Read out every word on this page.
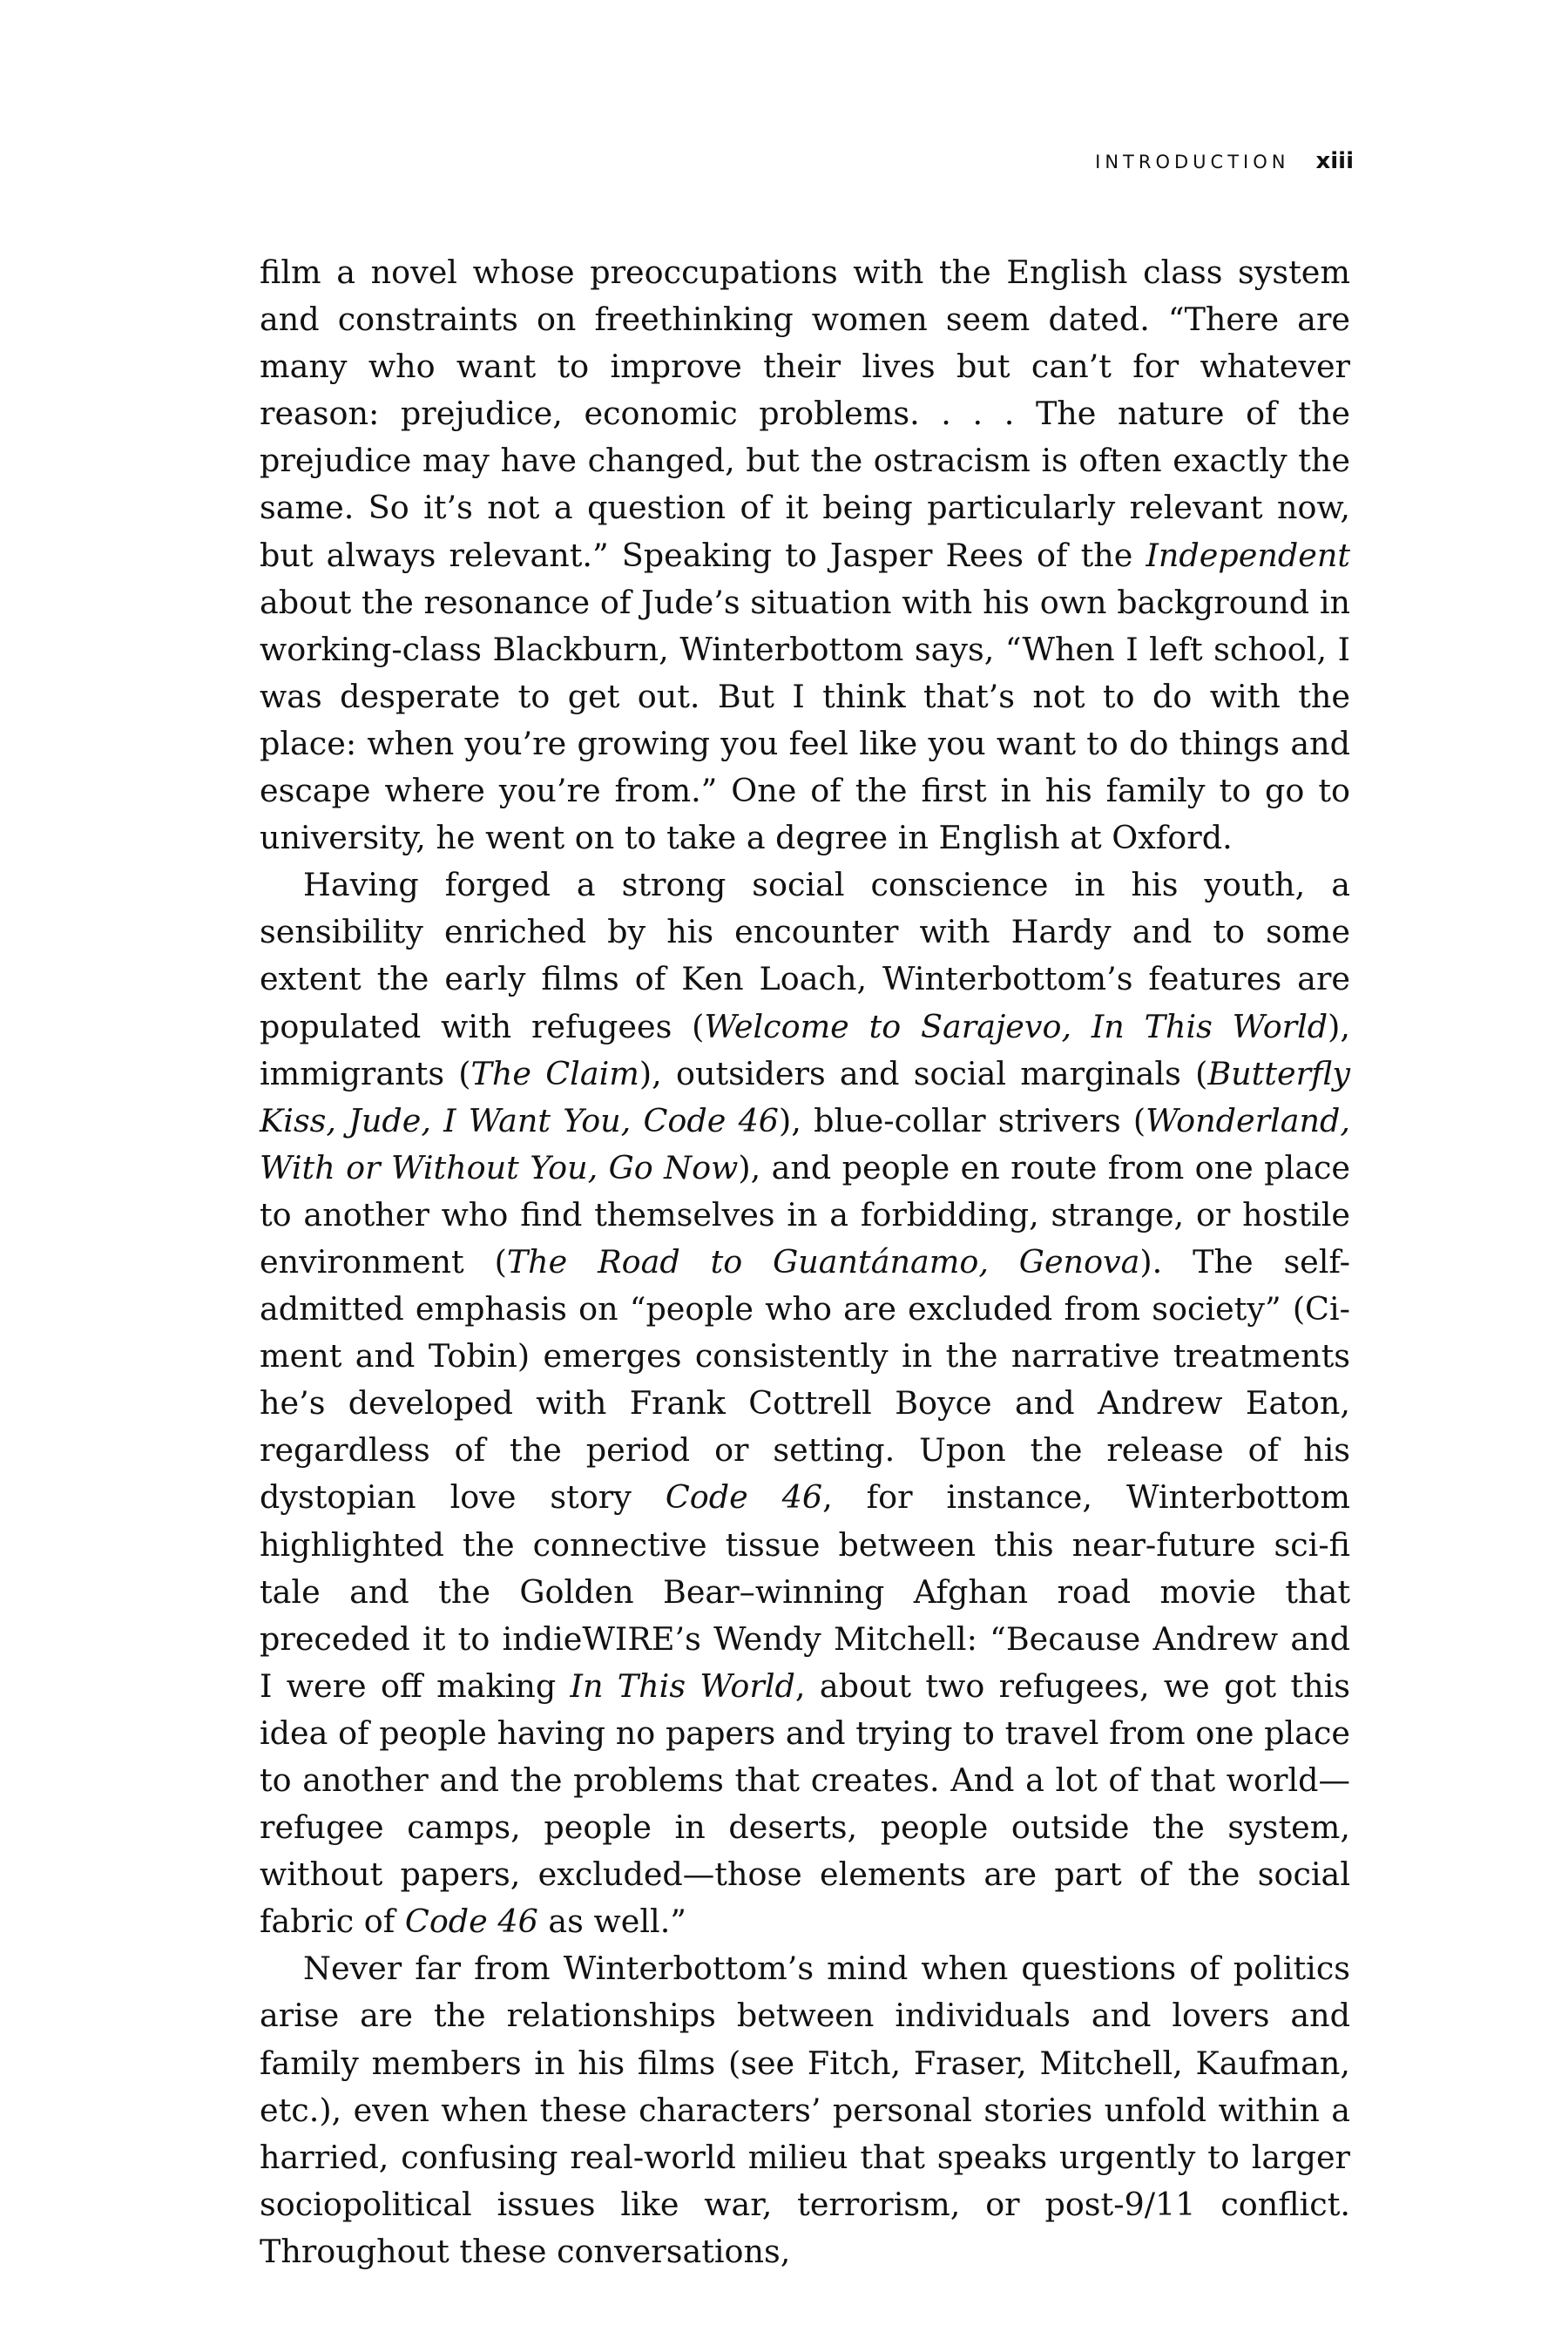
INTRODUCTION xiii

film a novel whose preoccupations with the English class system and constraints on freethinking women seem dated. “There are many who want to improve their lives but can’t for whatever reason: prejudice, economic problems. . . . The nature of the prejudice may have changed, but the ostracism is often exactly the same. So it’s not a question of it being particularly relevant now, but always relevant.” Speaking to Jasper Rees of the Independent about the resonance of Jude’s situation with his own background in working-class Blackburn, Winterbottom says, “When I left school, I was desperate to get out. But I think that’s not to do with the place: when you’re growing you feel like you want to do things and escape where you’re from.” One of the first in his family to go to university, he went on to take a degree in English at Oxford.

Having forged a strong social conscience in his youth, a sensibility enriched by his encounter with Hardy and to some extent the early films of Ken Loach, Winterbottom’s features are populated with refugees (Welcome to Sarajevo, In This World), immigrants (The Claim), outsiders and social marginals (Butterfly Kiss, Jude, I Want You, Code 46), blue-collar strivers (Wonderland, With or Without You, Go Now), and people en route from one place to another who find themselves in a forbidding, strange, or hostile environment (The Road to Guantánamo, Genova). The self-admitted emphasis on “people who are excluded from society” (Ciment and Tobin) emerges consistently in the narrative treatments he’s developed with Frank Cottrell Boyce and Andrew Eaton, regardless of the period or setting. Upon the release of his dystopian love story Code 46, for instance, Winterbottom highlighted the connective tissue between this near-future sci-fi tale and the Golden Bear–winning Afghan road movie that preceded it to indieWIRE’s Wendy Mitchell: “Because Andrew and I were off making In This World, about two refugees, we got this idea of people having no papers and trying to travel from one place to another and the problems that creates. And a lot of that world—refugee camps, people in deserts, people outside the system, without papers, excluded—those elements are part of the social fabric of Code 46 as well.”

Never far from Winterbottom’s mind when questions of politics arise are the relationships between individuals and lovers and family members in his films (see Fitch, Fraser, Mitchell, Kaufman, etc.), even when these characters’ personal stories unfold within a harried, confusing real-world milieu that speaks urgently to larger sociopolitical issues like war, terrorism, or post-9/11 conflict. Throughout these conversations,
